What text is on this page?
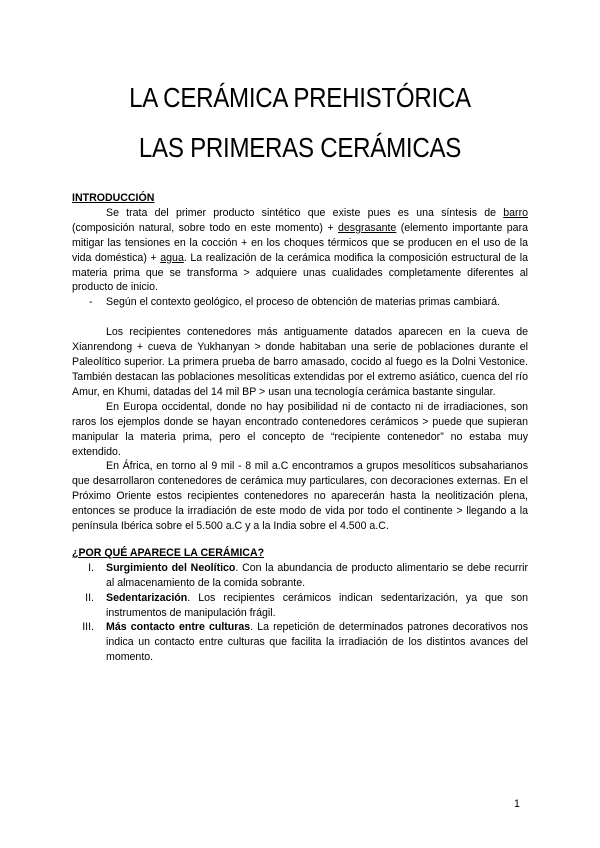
LA CERÁMICA PREHISTÓRICA
LAS PRIMERAS CERÁMICAS
INTRODUCCIÓN

Se trata del primer producto sintético que existe pues es una síntesis de barro (composición natural, sobre todo en este momento) + desgrasante (elemento importante para mitigar las tensiones en la cocción + en los choques térmicos que se producen en el uso de la vida doméstica) + agua. La realización de la cerámica modifica la composición estructural de la materia prima que se transforma > adquiere unas cualidades completamente diferentes al producto de inicio.

- Según el contexto geológico, el proceso de obtención de materias primas cambiará.

Los recipientes contenedores más antiguamente datados aparecen en la cueva de Xianrendong + cueva de Yukhanyan > donde habitaban una serie de poblaciones durante el Paleolítico superior. La primera prueba de barro amasado, cocido al fuego es la Dolni Vestonice. También destacan las poblaciones mesolíticas extendidas por el extremo asiático, cuenca del río Amur, en Khumi, datadas del 14 mil BP > usan una tecnología cerámica bastante singular.

En Europa occidental, donde no hay posibilidad ni de contacto ni de irradiaciones, son raros los ejemplos donde se hayan encontrado contenedores cerámicos > puede que supieran manipular la materia prima, pero el concepto de “recipiente contenedor” no estaba muy extendido.

En África, en torno al 9 mil - 8 mil a.C encontramos a grupos mesolíticos subsaharianos que desarrollaron contenedores de cerámica muy particulares, con decoraciones externas. En el Próximo Oriente estos recipientes contenedores no aparecerán hasta la neolitización plena, entonces se produce la irradiación de este modo de vida por todo el continente > llegando a la península Ibérica sobre el 5.500 a.C y a la India sobre el 4.500 a.C.

¿POR QUÉ APARECE LA CERÁMICA?
I. Surgimiento del Neolítico. Con la abundancia de producto alimentario se debe recurrir al almacenamiento de la comida sobrante.
II. Sedentarización. Los recipientes cerámicos indican sedentarización, ya que son instrumentos de manipulación frágil.
III. Más contacto entre culturas. La repetición de determinados patrones decorativos nos indica un contacto entre culturas que facilita la irradiación de los distintos avances del momento.
1
